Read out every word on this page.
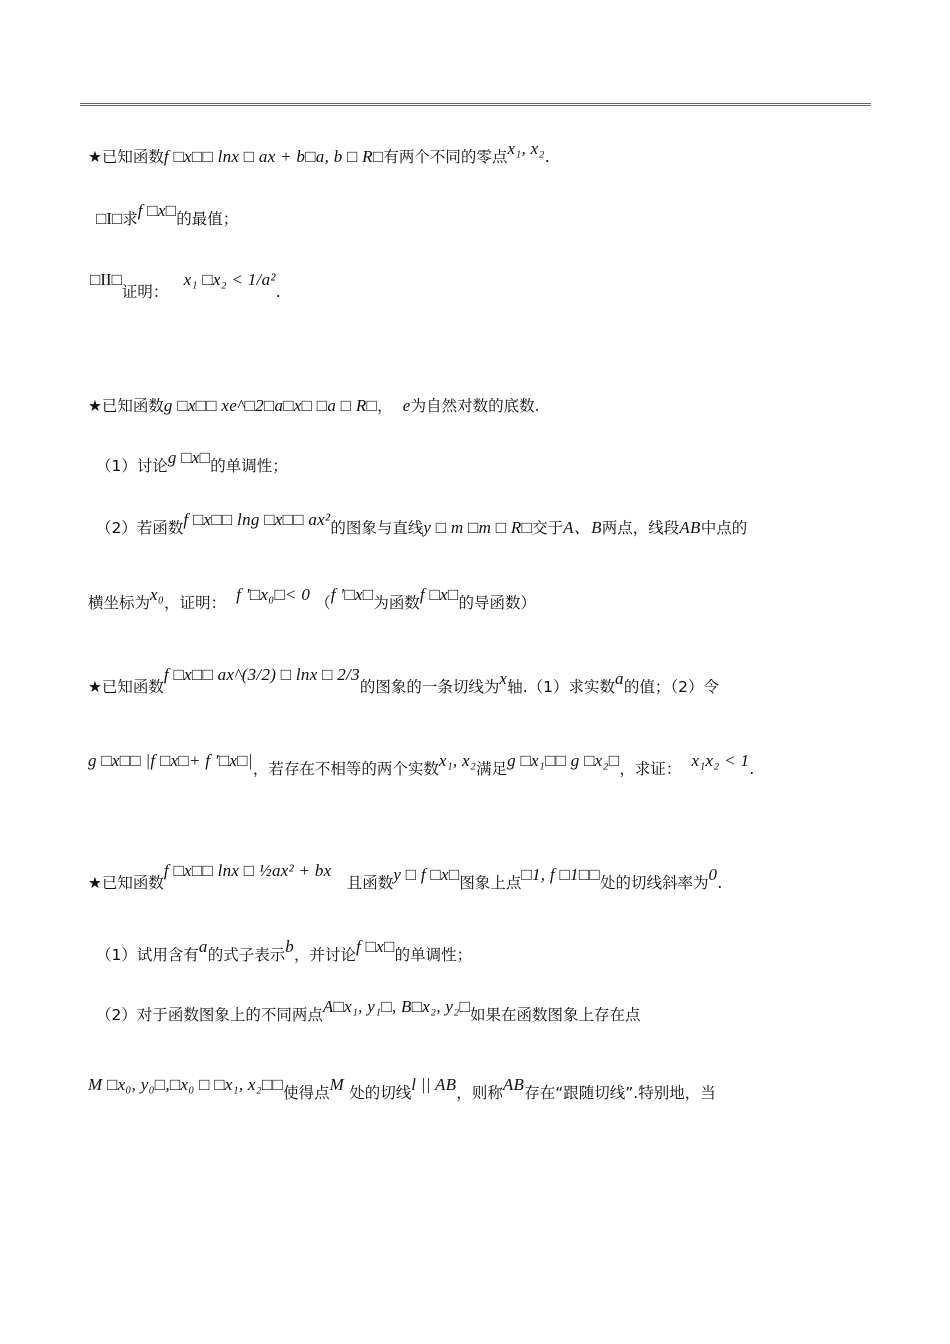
★已知函数f □x□□ lnx □ ax + b□a, b □ R□有两个不同的零点x₁, x₂.
□I□求f □x□的最值；
□II□证明：   x₁ □x₂ < 1/a².
★已知函数g □x□□ xe^□2□a□x□ □a □ R□， e为自然对数的底数.
（1）讨论g □x□的单调性；
（2）若函数f □x□□ lng □x□□ ax²的图象与直线y □ m □m □ R□交于A、B两点，线段AB中点的
横坐标为x₀，证明： f ′□x₀□< 0 （f ′□x□为函数f □x□的导函数）
★已知函数f □x□□ ax^(3/2) □ lnx □ 2/3的图象的一条切线为x轴.（1）求实数a的值；（2）令
g □x□□ |f □x□+ f ′□x□|，若存在不相等的两个实数x₁, x₂满足g □x₁□□ g □x₂□，求证： x₁x₂ < 1.
★已知函数f □x□□ lnx □ ½ax² + bx   且函数y □ f □x□图象上点□1, f □1□□处的切线斜率为0.
（1）试用含有a的式子表示b，并讨论f □x□的单调性；
（2）对于函数图象上的不同两点A□x₁, y₁□, B□x₂, y₂□如果在函数图象上存在点
M □x₀, y₀□,□x₀ □ □x₁, x₂□□使得点M 处的切线l || AB，则称AB存在“跟随切线”.特别地，当
